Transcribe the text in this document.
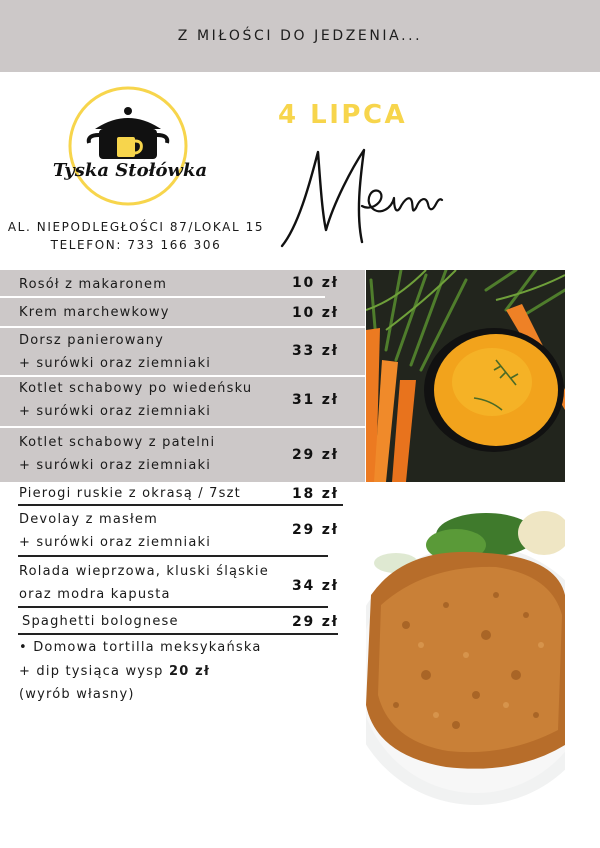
Z MIŁOŚCI DO JEDZENIA...
Tyska Stołówka
AL. NIEPODLEGŁOŚCI 87/LOKAL 15
TELEFON: 733 166 306
4 LIPCA
Menu
Rosół z makaronem	10 zł
Krem marchewkowy	10 zł
Dorsz panierowany
+ surówki oraz ziemniaki
33 zł
Kotlet schabowy po wiedeńsku
+ surówki oraz ziemniaki
31 zł
Kotlet schabowy z patelni
+ surówki oraz ziemniaki
29 zł
Pierogi ruskie z okrasą / 7szt	18 zł
Devolay z masłem
+ surówki oraz ziemniaki
29 zł
Rolada wieprzowa, kluski śląskie
oraz modra kapusta
34 zł
Spaghetti bolognese	29 zł
• Domowa tortilla meksykańska
+ dip tysiąca wysp 20 zł
(wyrób własny)
